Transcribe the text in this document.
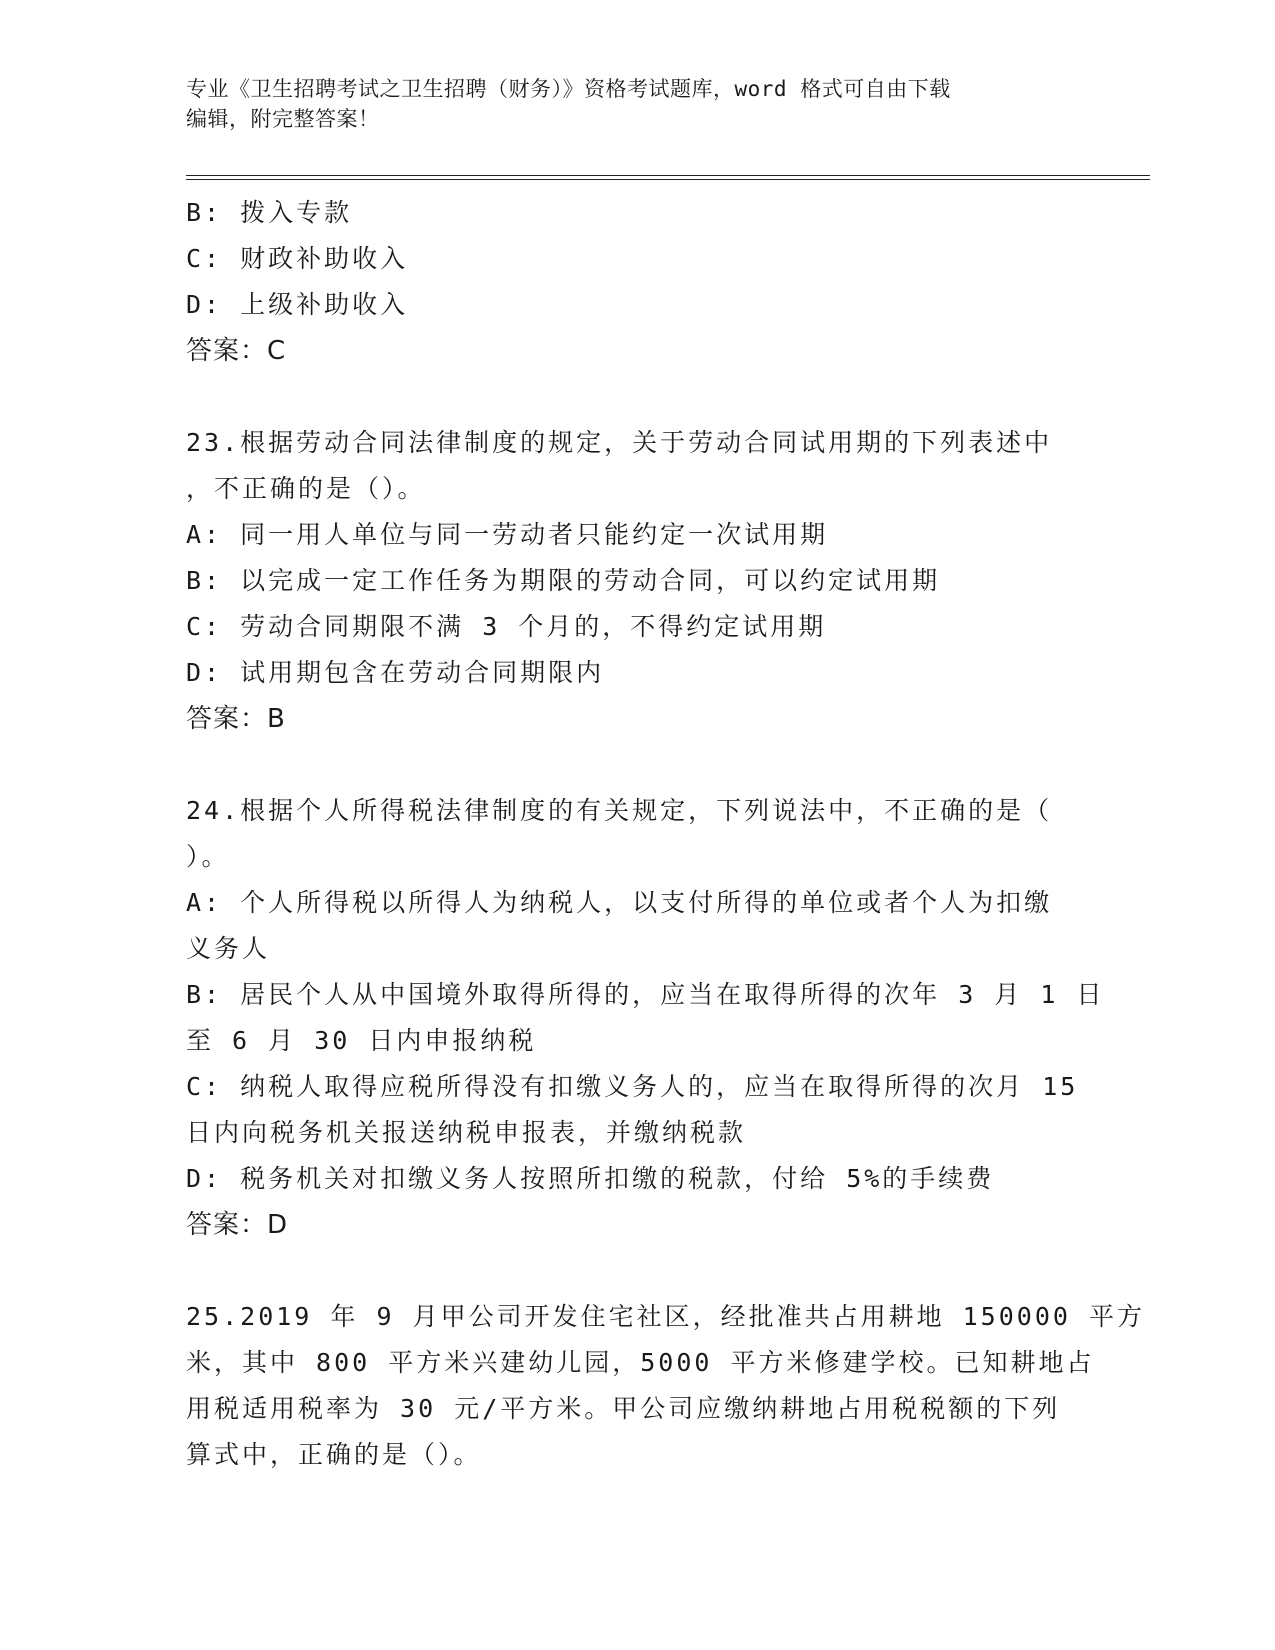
专业《卫生招聘考试之卫生招聘（财务）》资格考试题库，word 格式可自由下载
编辑，附完整答案！
B: 拨入专款
C: 财政补助收入
D: 上级补助收入
答案：C
23.根据劳动合同法律制度的规定，关于劳动合同试用期的下列表述中
，不正确的是（）。
A: 同一用人单位与同一劳动者只能约定一次试用期
B: 以完成一定工作任务为期限的劳动合同，可以约定试用期
C: 劳动合同期限不满 3 个月的，不得约定试用期
D: 试用期包含在劳动合同期限内
答案：B
24.根据个人所得税法律制度的有关规定，下列说法中，不正确的是（
）。
A: 个人所得税以所得人为纳税人，以支付所得的单位或者个人为扣缴
义务人
B: 居民个人从中国境外取得所得的，应当在取得所得的次年 3 月 1 日
至 6 月 30 日内申报纳税
C: 纳税人取得应税所得没有扣缴义务人的，应当在取得所得的次月 15
日内向税务机关报送纳税申报表，并缴纳税款
D: 税务机关对扣缴义务人按照所扣缴的税款，付给 5%的手续费
答案：D
25.2019 年 9 月甲公司开发住宅社区，经批准共占用耕地 150000 平方
米，其中 800 平方米兴建幼儿园，5000 平方米修建学校。已知耕地占
用税适用税率为 30 元/平方米。甲公司应缴纳耕地占用税税额的下列
算式中，正确的是（）。
